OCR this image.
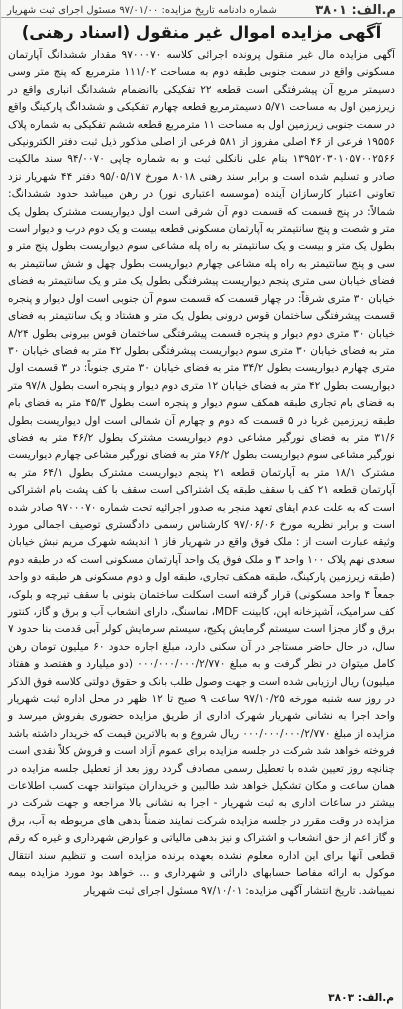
م.الف: ۳۸۰۱
شماره دادنامه تاریخ مزایده: ۹۷/۰۱/۰۰ مسئول اجرای ثبت شهریار
آگهی مزایده اموال غیر منقول (اسناد رهنی)
آگهی مزایده مال غیر منقول پرونده اجرائی کلاسه ۹۷۰۰۰۷۰ مقدار ششدانگ آپارتمان مسکونی واقع در سمت جنوبی طبقه دوم به مساحت ۱۱۱/۰۲ مترمربع که پنج متر وسی دسیمتر مربع آن پیشرفتگی است قطعه ۲۲ تفکیکی باانضمام ششدانگ انباری واقع در زیرزمین اول به مساحت ۵/۷۱ دسیمترمربع قطعه چهارم تفکیکی و ششدانگ پارکینگ واقع در سمت جنوبی زیرزمین اول به مساحت ۱۱ مترمربع قطعه ششم تفکیکی به شماره پلاک ۱۹۵۵۶ فرعی از ۴۶ اصلی مفروز از ۵۸۱ فرعی از اصلی مذکور ذیل ثبت دفتر الکترونیکی ۱۳۹۵۲۰۳۰۱۰۵۷۰۰۲۵۶۶ بنام علی نانکلی ثبت و به شماره چاپی ۹۴/۰۰۷۰ سند مالکیت صادر و تسلیم شده است و برابر سند رهنی ۸۰۱۸ مورخ ۹۵/۰۵/۱۷ دفتر ۴۴ شهریار نزد تعاونی اعتبار کارسازان آینده (موسسه اعتباری نور) در رهن میباشد حدود ششدانگ: شمالاً: در پنج قسمت که قسمت دوم آن شرقی است اول دیواریست مشترک بطول یک متر و شصت و پنج سانتیمتر به آپارتمان مسکونی قطعه بیست و یک دوم درب و دیوار است بطول یک متر و بیست و یک سانتیمتر به راه پله مشاعی سوم دیواریست بطول پنج متر و سی و پنج سانتیمتر به راه پله مشاعی چهارم دیواریست بطول چهل و شش سانتیمتر به فضای خیابان سی متری پنجم دیواریست پیشرفتگی بطول یک متر و یک سانتیمتر به فضای خیابان ۳۰ متری شرقاً: در چهار قسمت که قسمت سوم آن جنوبی است اول دیوار و پنجره قسمت پیشرفتگی ساختمان قوس درونی بطول یک متر و هشتاد و یک سانتیمتر به فضای خیابان ۳۰ متری دوم دیوار و پنجره قسمت پیشرفتگی ساختمان قوس بیرونی بطول ۸/۲۴ متر به فضای خیابان ۳۰ متری سوم دیواریست پیشرفتگی بطول ۴۲ متر به فضای خیابان ۳۰ متری چهارم دیواریست بطول ۳۴/۲ متر به فضای خیابان ۳۰ متری جنوباً: در ۳ قسمت اول دیواریست بطول ۴۲ متر به فضای خیابان ۱۲ متری دوم دیوار و پنجره است بطول ۹۷/۸ متر به فضای بام تجاری طبقه همکف سوم دیوار و پنجره است بطول ۴۵/۳ متر به فضای بام طبقه زیرزمین غربا در ۵ قسمت که دوم و چهارم آن شمالی است اول دیواریست بطول ۳۱/۶ متر به فضای نورگیر مشاعی دوم دیواریست مشترک بطول ۴۶/۲ متر به فضای نورگیر مشاعی سوم دیواریست بطول ۷۶/۲ متر به فضای نورگیر مشاعی چهارم دیواریست مشترک ۱۸/۱ متر به آپارتمان قطعه ۲۱ پنجم دیواریست مشترک بطول ۶۴/۱ متر به آپارتمان قطعه ۲۱ کف با سقف طبقه یک اشتراکی است سقف با کف پشت بام اشتراکی است که به علت عدم ایفای تعهد منجر به صدور اجرائیه تحت شماره ۹۷۰۰۰۷۰ صادر شده است و برابر نظریه مورخ ۹۷/۰۶/۰۶ کارشناس رسمی دادگستری توصیف اجمالی مورد وثیقه عبارت است از : ملک فوق واقع در شهریار فاز ۱ اندیشه شهرک مریم نبش خیابان سعدی نهم پلاک ۱۰۰ واحد ۳ و ملک فوق یک واحد آپارتمان مسکونی است که در طبقه دوم (طبقه زیرزمین پارکینگ، طبقه همکف تجاری، طبقه اول و دوم مسکونی هر طبقه دو واحد جمعاً ۴ واحد مسکونی) قرار گرفته است اسکلت ساختمان بتونی با سقف تیرچه و بلوک، کف سرامیک، آشپزخانه اپن، کابینت MDF، نماسنگ، دارای انشعاب آب و برق و گاز، کنتور برق و گاز مجزا است سیستم گرمایش پکیج، سیستم سرمایش کولر آبی قدمت بنا حدود ۷ سال، در حال حاضر مستاجر در آن سکنی دارد، مبلغ اجاره حدود ۶۰ میلیون تومان رهن کامل میتوان در نظر گرفت و به مبلغ ۰۰۰/۰۰۰/۰۰۰/۲/۷۷۰ (دو میلیارد و هفتصد و هفتاد میلیون) ریال ارزیابی شده است و جهت وصول طلب بانک و حقوق دولتی کلاسه فوق الذکر در روز سه شنبه مورخه ۹۷/۱۰/۲۵ ساعت ۹ صبح تا ۱۲ ظهر در محل اداره ثبت شهریار واحد اجرا به نشانی شهریار شهرک اداری از طریق مزایده حضوری بفروش میرسد و مزایده از مبلغ ۰۰۰/۰۰۰/۰۰۰/۲/۷۷۰ ریال شروع و به بالاترین قیمت که خریدار داشته باشد فروخته خواهد شد شرکت در جلسه مزایده برای عموم آزاد است و فروش کلاً نقدی است چنانچه روز تعیین شده با تعطیل رسمی مصادف گردد روز بعد از تعطیل جلسه مزایده در همان ساعت و مکان تشکیل خواهد شد طالبین و خریداران میتوانند جهت کسب اطلاعات بیشتر در ساعات اداری به ثبت شهریار - اجرا به نشانی بالا مراجعه و جهت شرکت در مزایده در وقت مقرر در جلسه مزایده شرکت نمایند ضمناً بدهی های مربوطه به آب، برق و گاز اعم از حق انشعاب و اشتراک و نیز بدهی مالیاتی و عوارض شهرداری و غیره که رقم قطعی آنها برای این اداره معلوم نشده بعهده برنده مزایده است و تنظیم سند انتقال موکول به ارائه مفاصا حسابهای دارائی و شهرداری و ... خواهد بود مورد مزایده بیمه نمیباشد. تاریخ انتشار آگهی مزایده: ۹۷/۱۰/۰۱ مسئول اجرای ثبت شهریار
م.الف: ۳۸۰۳
